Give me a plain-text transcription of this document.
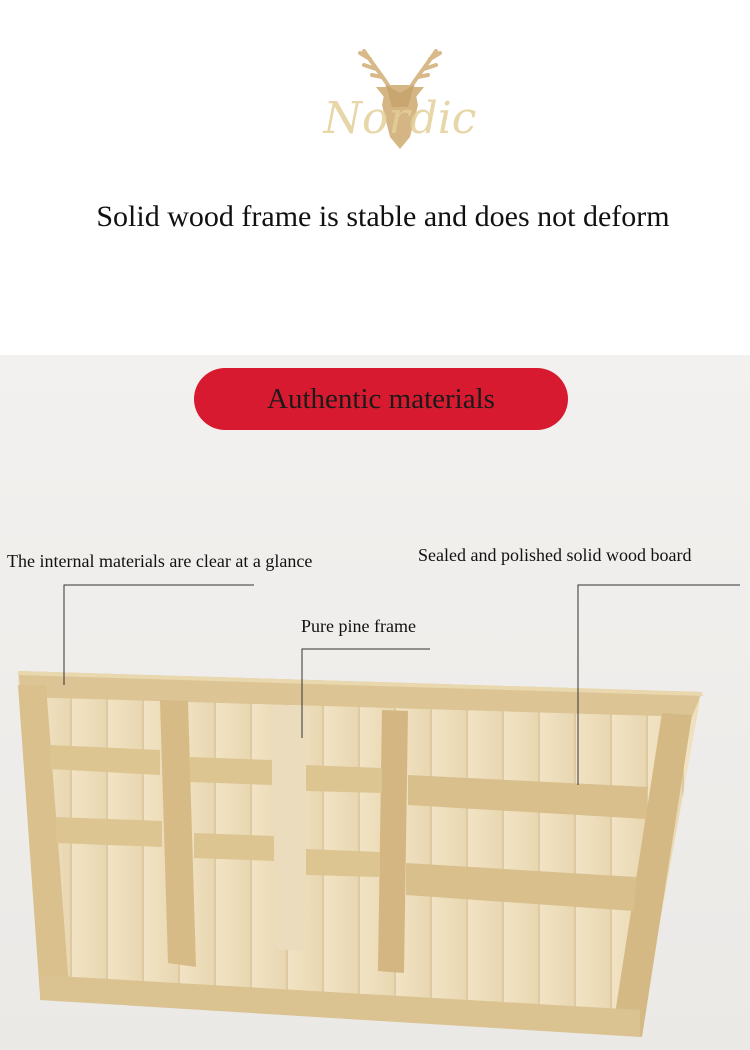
Nordic
Solid wood frame is stable and does not deform
Authentic materials
The internal materials are clear at a glance	Sealed and polished solid wood board
Pure pine frame
